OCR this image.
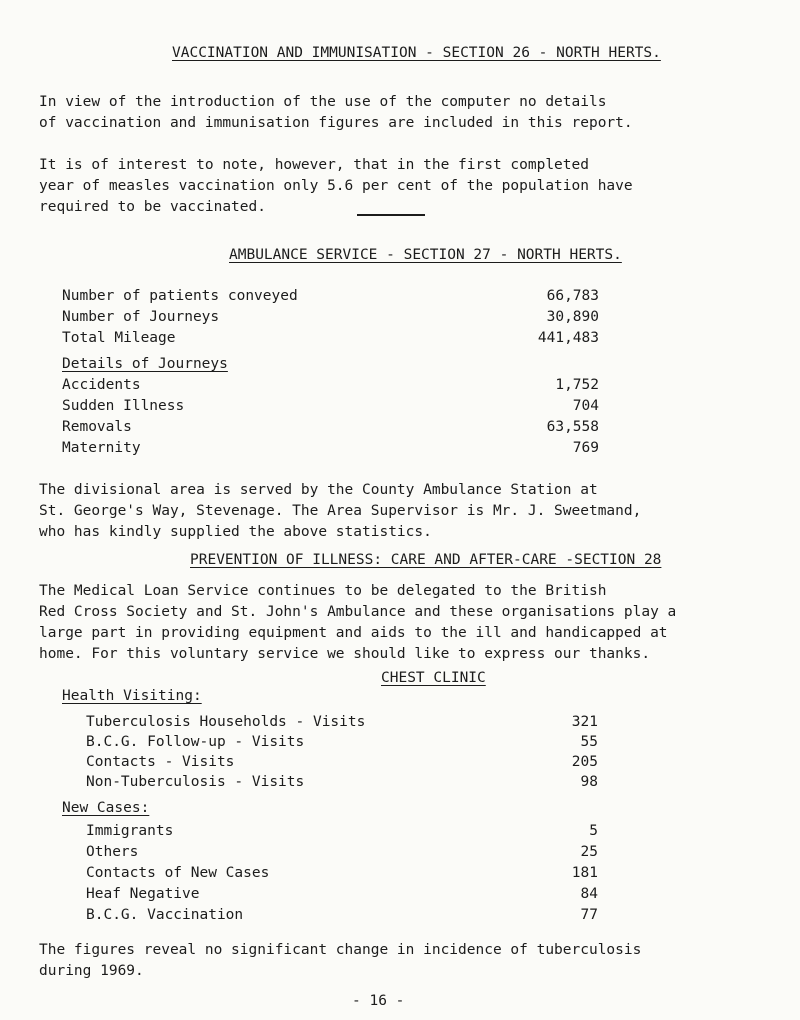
VACCINATION AND IMMUNISATION - SECTION 26 - NORTH HERTS.
In view of the introduction of the use of the computer no details
of vaccination and immunisation figures are included in this report.
It is of interest to note, however, that in the first completed
year of measles vaccination only 5.6 per cent of the population have
required to be vaccinated.
AMBULANCE SERVICE - SECTION 27 - NORTH HERTS.
Number of patients conveyed	66,783
Number of Journeys	30,890
Total Mileage	441,483
Details of Journeys
Accidents	1,752
Sudden Illness	704
Removals	63,558
Maternity	769
The divisional area is served by the County Ambulance Station at
St. George's Way, Stevenage. The Area Supervisor is Mr. J. Sweetmand,
who has kindly supplied the above statistics.
PREVENTION OF ILLNESS: CARE AND AFTER-CARE -SECTION 28
The Medical Loan Service continues to be delegated to the British
Red Cross Society and St. John's Ambulance and these organisations play a
large part in providing equipment and aids to the ill and handicapped at
home. For this voluntary service we should like to express our thanks.
CHEST CLINIC
Health Visiting:
Tuberculosis Households - Visits	321
B.C.G. Follow-up - Visits	55
Contacts - Visits	205
Non-Tuberculosis - Visits	98
New Cases:
Immigrants	5
Others	25
Contacts of New Cases	181
Heaf Negative	84
B.C.G. Vaccination	77
The figures reveal no significant change in incidence of tuberculosis
during 1969.
- 16 -
